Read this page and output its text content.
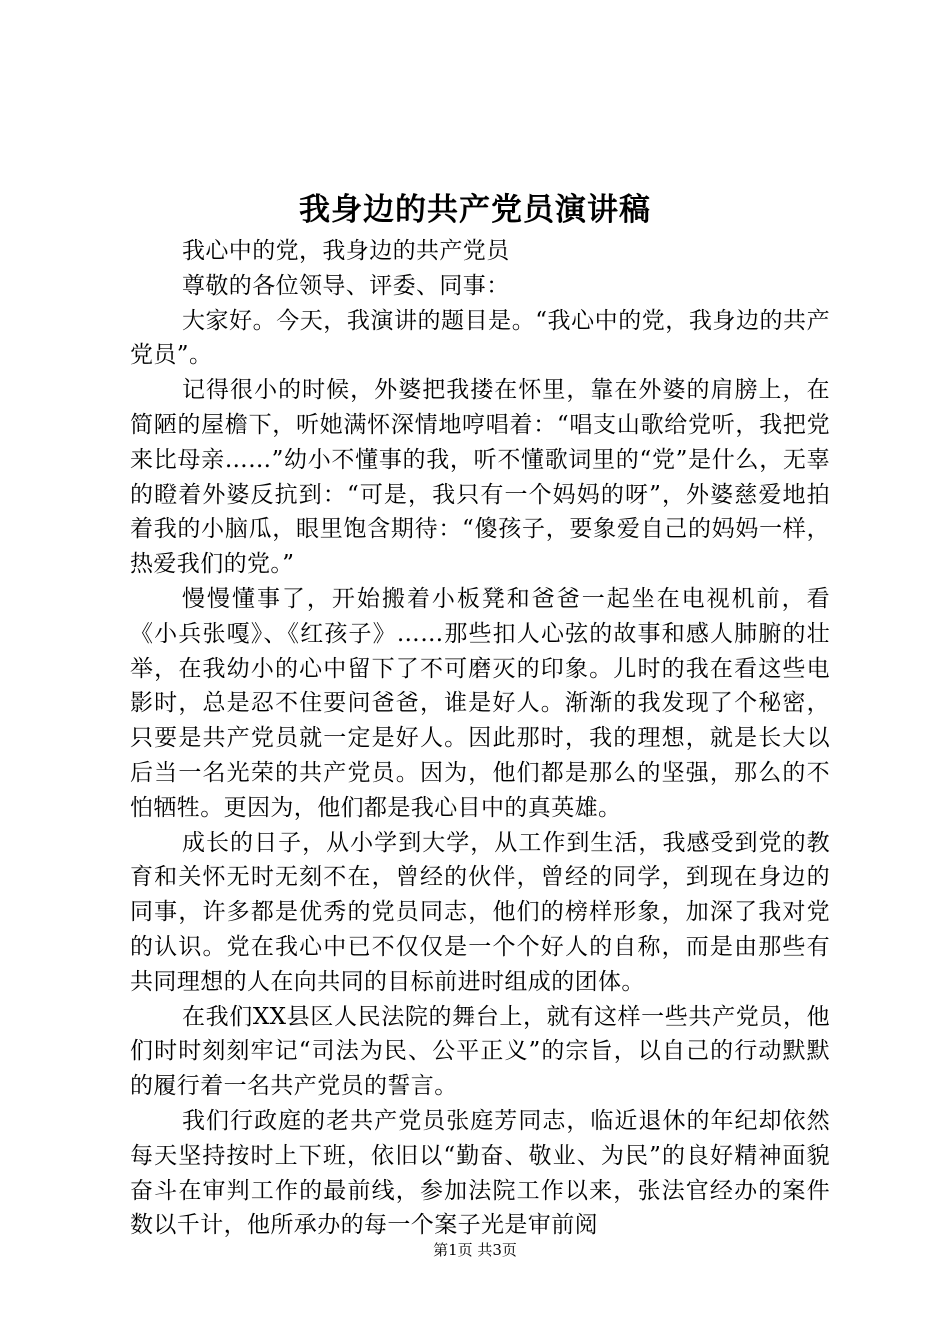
我身边的共产党员演讲稿

我心中的党，我身边的共产党员

尊敬的各位领导、评委、同事：

大家好。今天，我演讲的题目是。“我心中的党，我身边的共产党员”。

记得很小的时候，外婆把我搂在怀里，靠在外婆的肩膀上，在简陋的屋檐下，听她满怀深情地哼唱着：“唱支山歌给党听，我把党来比母亲……”幼小不懂事的我，听不懂歌词里的“党”是什么，无辜的瞪着外婆反抗到：“可是，我只有一个妈妈的呀”，外婆慈爱地拍着我的小脑瓜，眼里饱含期待：“傻孩子，要象爱自己的妈妈一样，热爱我们的党。”

慢慢懂事了，开始搬着小板凳和爸爸一起坐在电视机前，看《小兵张嘎》、《红孩子》……那些扣人心弦的故事和感人肺腑的壮举，在我幼小的心中留下了不可磨灭的印象。儿时的我在看这些电影时，总是忍不住要问爸爸，谁是好人。渐渐的我发现了个秘密，只要是共产党员就一定是好人。因此那时，我的理想，就是长大以后当一名光荣的共产党员。因为，他们都是那么的坚强，那么的不怕牺牲。更因为，他们都是我心目中的真英雄。

成长的日子，从小学到大学，从工作到生活，我感受到党的教育和关怀无时无刻不在，曾经的伙伴，曾经的同学，到现在身边的同事，许多都是优秀的党员同志，他们的榜样形象，加深了我对党的认识。党在我心中已不仅仅是一个个好人的自称，而是由那些有共同理想的人在向共同的目标前进时组成的团体。

在我们XX县区人民法院的舞台上，就有这样一些共产党员，他们时时刻刻牢记“司法为民、公平正义”的宗旨，以自己的行动默默的履行着一名共产党员的誓言。

我们行政庭的老共产党员张庭芳同志，临近退休的年纪却依然每天坚持按时上下班，依旧以“勤奋、敬业、为民”的良好精神面貌奋斗在审判工作的最前线，参加法院工作以来，张法官经办的案件数以千计，他所承办的每一个案子光是审前阅

第1页 共3页
